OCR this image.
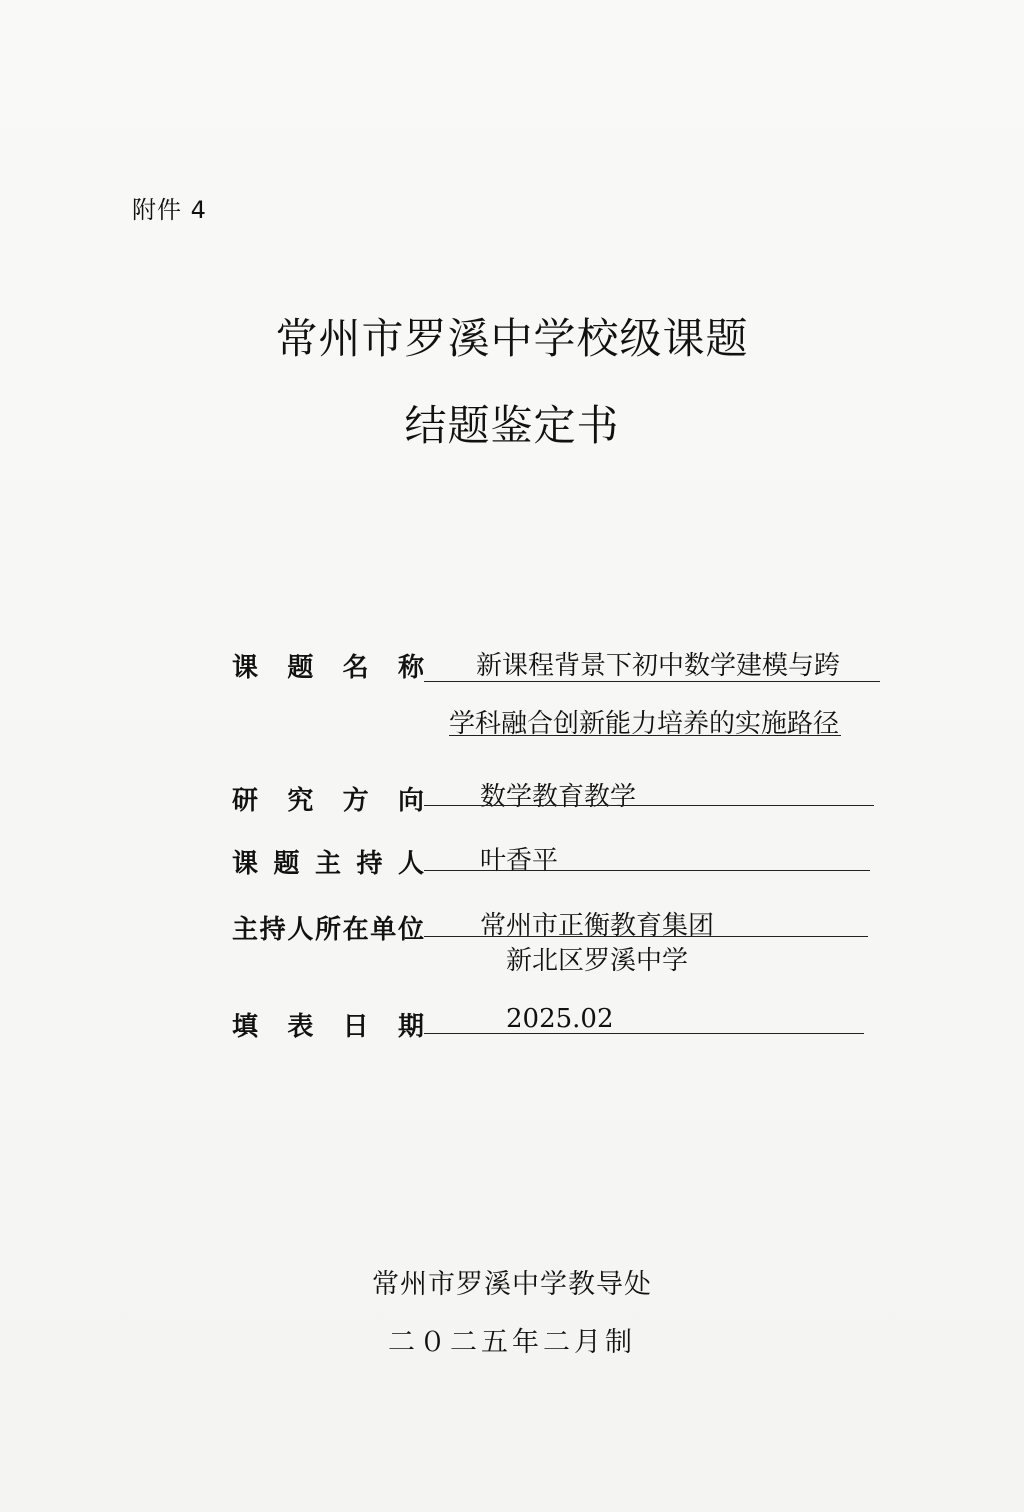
附件 4
常州市罗溪中学校级课题
结题鉴定书
课 题 名 称 新课程背景下初中数学建模与跨
学科融合创新能力培养的实施路径
研 究 方 向 数学教育教学
课 题 主 持 人 叶香平
主 持 人 所 在 单 位 常州市正衡教育集团
新北区罗溪中学
填 表 日 期	2025.02
常州市罗溪中学教导处
二０二五年二月制
